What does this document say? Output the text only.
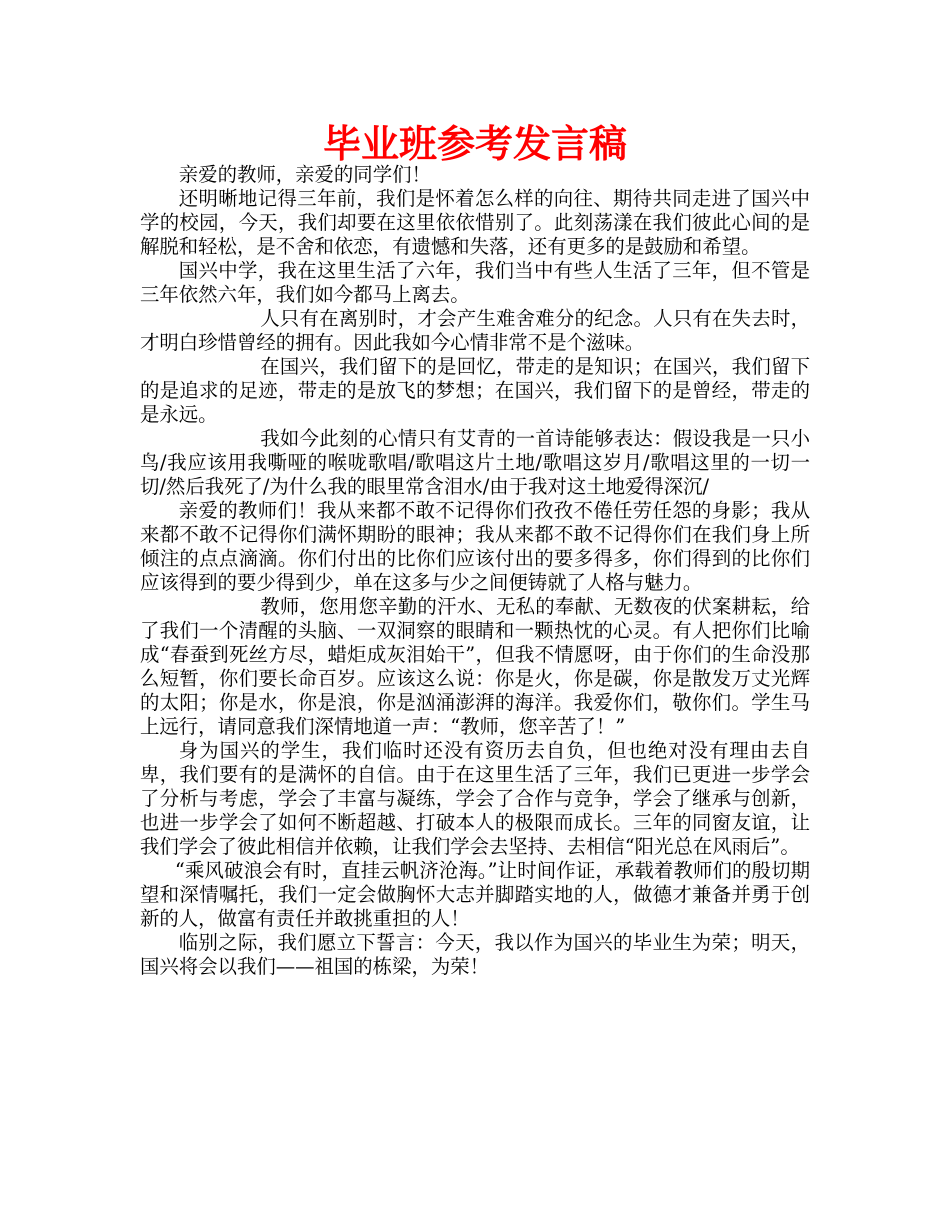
毕业班参考发言稿

亲爱的教师，亲爱的同学们！

还明晰地记得三年前，我们是怀着怎么样的向往、期待共同走进了国兴中学的校园，今天，我们却要在这里依依惜别了。此刻荡漾在我们彼此心间的是解脱和轻松，是不舍和依恋，有遗憾和失落，还有更多的是鼓励和希望。

国兴中学，我在这里生活了六年，我们当中有些人生活了三年，但不管是三年依然六年，我们如今都马上离去。

人只有在离别时，才会产生难舍难分的纪念。人只有在失去时，才明白珍惜曾经的拥有。因此我如今心情非常不是个滋味。

在国兴，我们留下的是回忆，带走的是知识；在国兴，我们留下的是追求的足迹，带走的是放飞的梦想；在国兴，我们留下的是曾经，带走的是永远。

我如今此刻的心情只有艾青的一首诗能够表达：假设我是一只小鸟/我应该用我嘶哑的喉咙歌唱/歌唱这片土地/歌唱这岁月/歌唱这里的一切一切/然后我死了/为什么我的眼里常含泪水/由于我对这土地爱得深沉/

亲爱的教师们！我从来都不敢不记得你们孜孜不倦任劳任怨的身影；我从来都不敢不记得你们满怀期盼的眼神；我从来都不敢不记得你们在我们身上所倾注的点点滴滴。你们付出的比你们应该付出的要多得多，你们得到的比你们应该得到的要少得到少，单在这多与少之间便铸就了人格与魅力。

教师，您用您辛勤的汗水、无私的奉献、无数夜的伏案耕耘，给了我们一个清醒的头脑、一双洞察的眼睛和一颗热忱的心灵。有人把你们比喻成“春蚕到死丝方尽，蜡炬成灰泪始干”，但我不情愿呀，由于你们的生命没那么短暂，你们要长命百岁。应该这么说：你是火，你是碳，你是散发万丈光辉的太阳；你是水，你是浪，你是汹涌澎湃的海洋。我爱你们，敬你们。学生马上远行，请同意我们深情地道一声：“教师，您辛苦了！”

身为国兴的学生，我们临时还没有资历去自负，但也绝对没有理由去自卑，我们要有的是满怀的自信。由于在这里生活了三年，我们已更进一步学会了分析与考虑，学会了丰富与凝练，学会了合作与竞争，学会了继承与创新，也进一步学会了如何不断超越、打破本人的极限而成长。三年的同窗友谊，让我们学会了彼此相信并依赖，让我们学会去坚持、去相信“阳光总在风雨后”。

“乘风破浪会有时，直挂云帆济沧海。”让时间作证，承载着教师们的殷切期望和深情嘱托，我们一定会做胸怀大志并脚踏实地的人，做德才兼备并勇于创新的人，做富有责任并敢挑重担的人！

临别之际，我们愿立下誓言：今天，我以作为国兴的毕业生为荣；明天，国兴将会以我们——祖国的栋梁，为荣！
